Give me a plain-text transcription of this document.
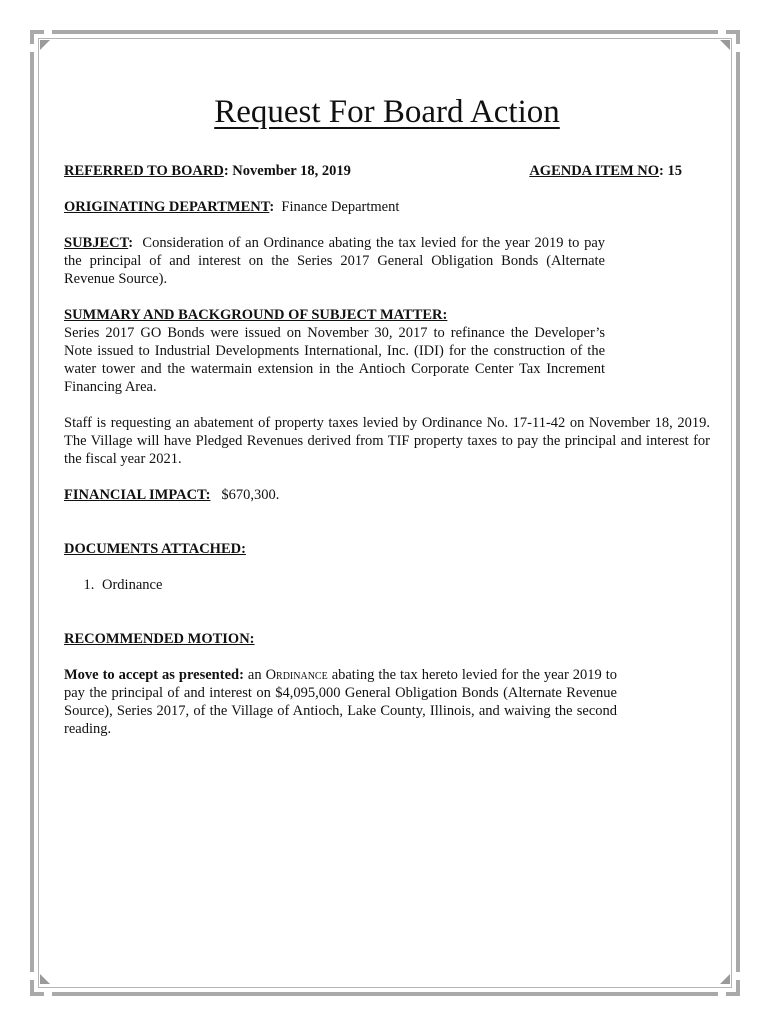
Request For Board Action
REFERRED TO BOARD: November 18, 2019	AGENDA ITEM NO: 15

ORIGINATING DEPARTMENT: Finance Department

SUBJECT: Consideration of an Ordinance abating the tax levied for the year 2019 to pay the principal of and interest on the Series 2017 General Obligation Bonds (Alternate Revenue Source).

SUMMARY AND BACKGROUND OF SUBJECT MATTER:

Series 2017 GO Bonds were issued on November 30, 2017 to refinance the Developer’s Note issued to Industrial Developments International, Inc. (IDI) for the construction of the water tower and the watermain extension in the Antioch Corporate Center Tax Increment Financing Area.

Staff is requesting an abatement of property taxes levied by Ordinance No. 17-11-42 on November 18, 2019. The Village will have Pledged Revenues derived from TIF property taxes to pay the principal and interest for the fiscal year 2021.

FINANCIAL IMPACT: $670,300.

DOCUMENTS ATTACHED:
1. Ordinance
RECOMMENDED MOTION:

Move to accept as presented: an Ordinance abating the tax hereto levied for the year 2019 to pay the principal of and interest on $4,095,000 General Obligation Bonds (Alternate Revenue Source), Series 2017, of the Village of Antioch, Lake County, Illinois, and waiving the second reading.
